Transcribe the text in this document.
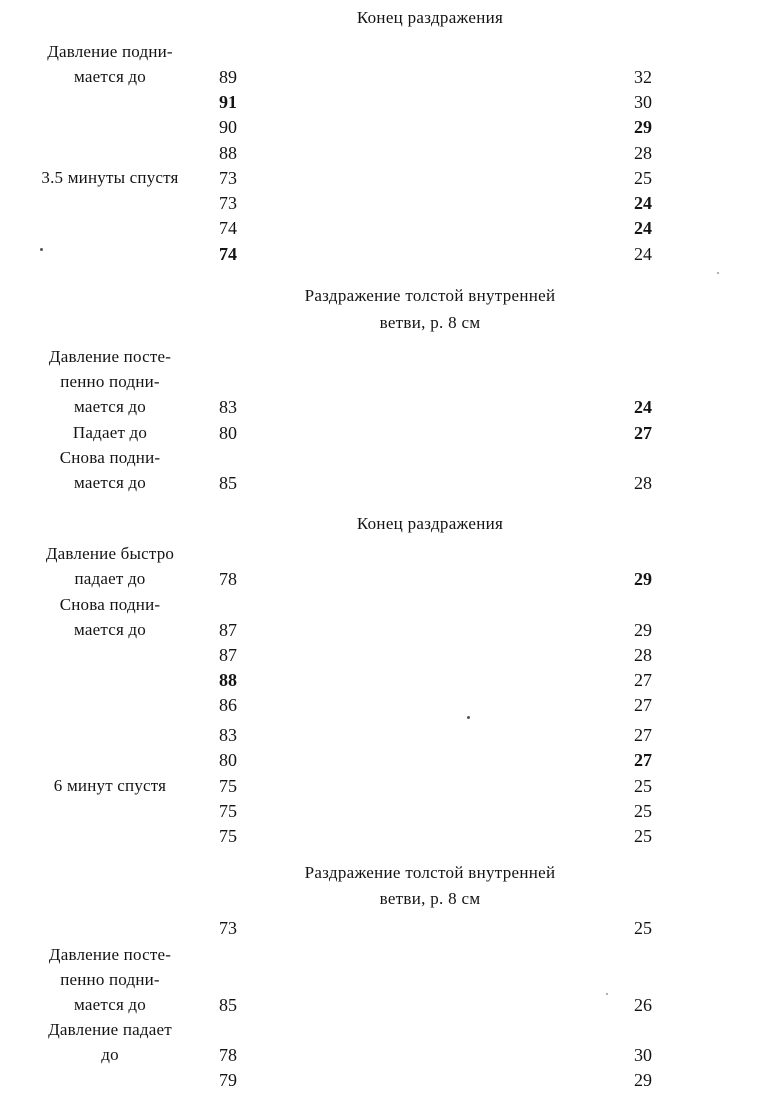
Конец раздражения
Давление подни-
мается до	89	32
91	30
90	29
88	28
3.5 минуты спустя	73	25
73	24
74	24
74	24
Раздражение толстой внутренней
ветви, р. 8 см
Давление посте-
пенно подни-
мается до	83	24
Падает до	80	27
Снова подни-
мается до	85	28
Конец раздражения
Давление быстро
падает до	78	29
Снова подни-
мается до	87	29
87	28
88	27
86	27
83	27
80	27
6 минут спустя	75	25
75	25
75	25
Раздражение толстой внутренней
ветви, р. 8 см
73	25
Давление посте-
пенно подни-
мается до	85	26
Давление падает
до	78	30
79	29
